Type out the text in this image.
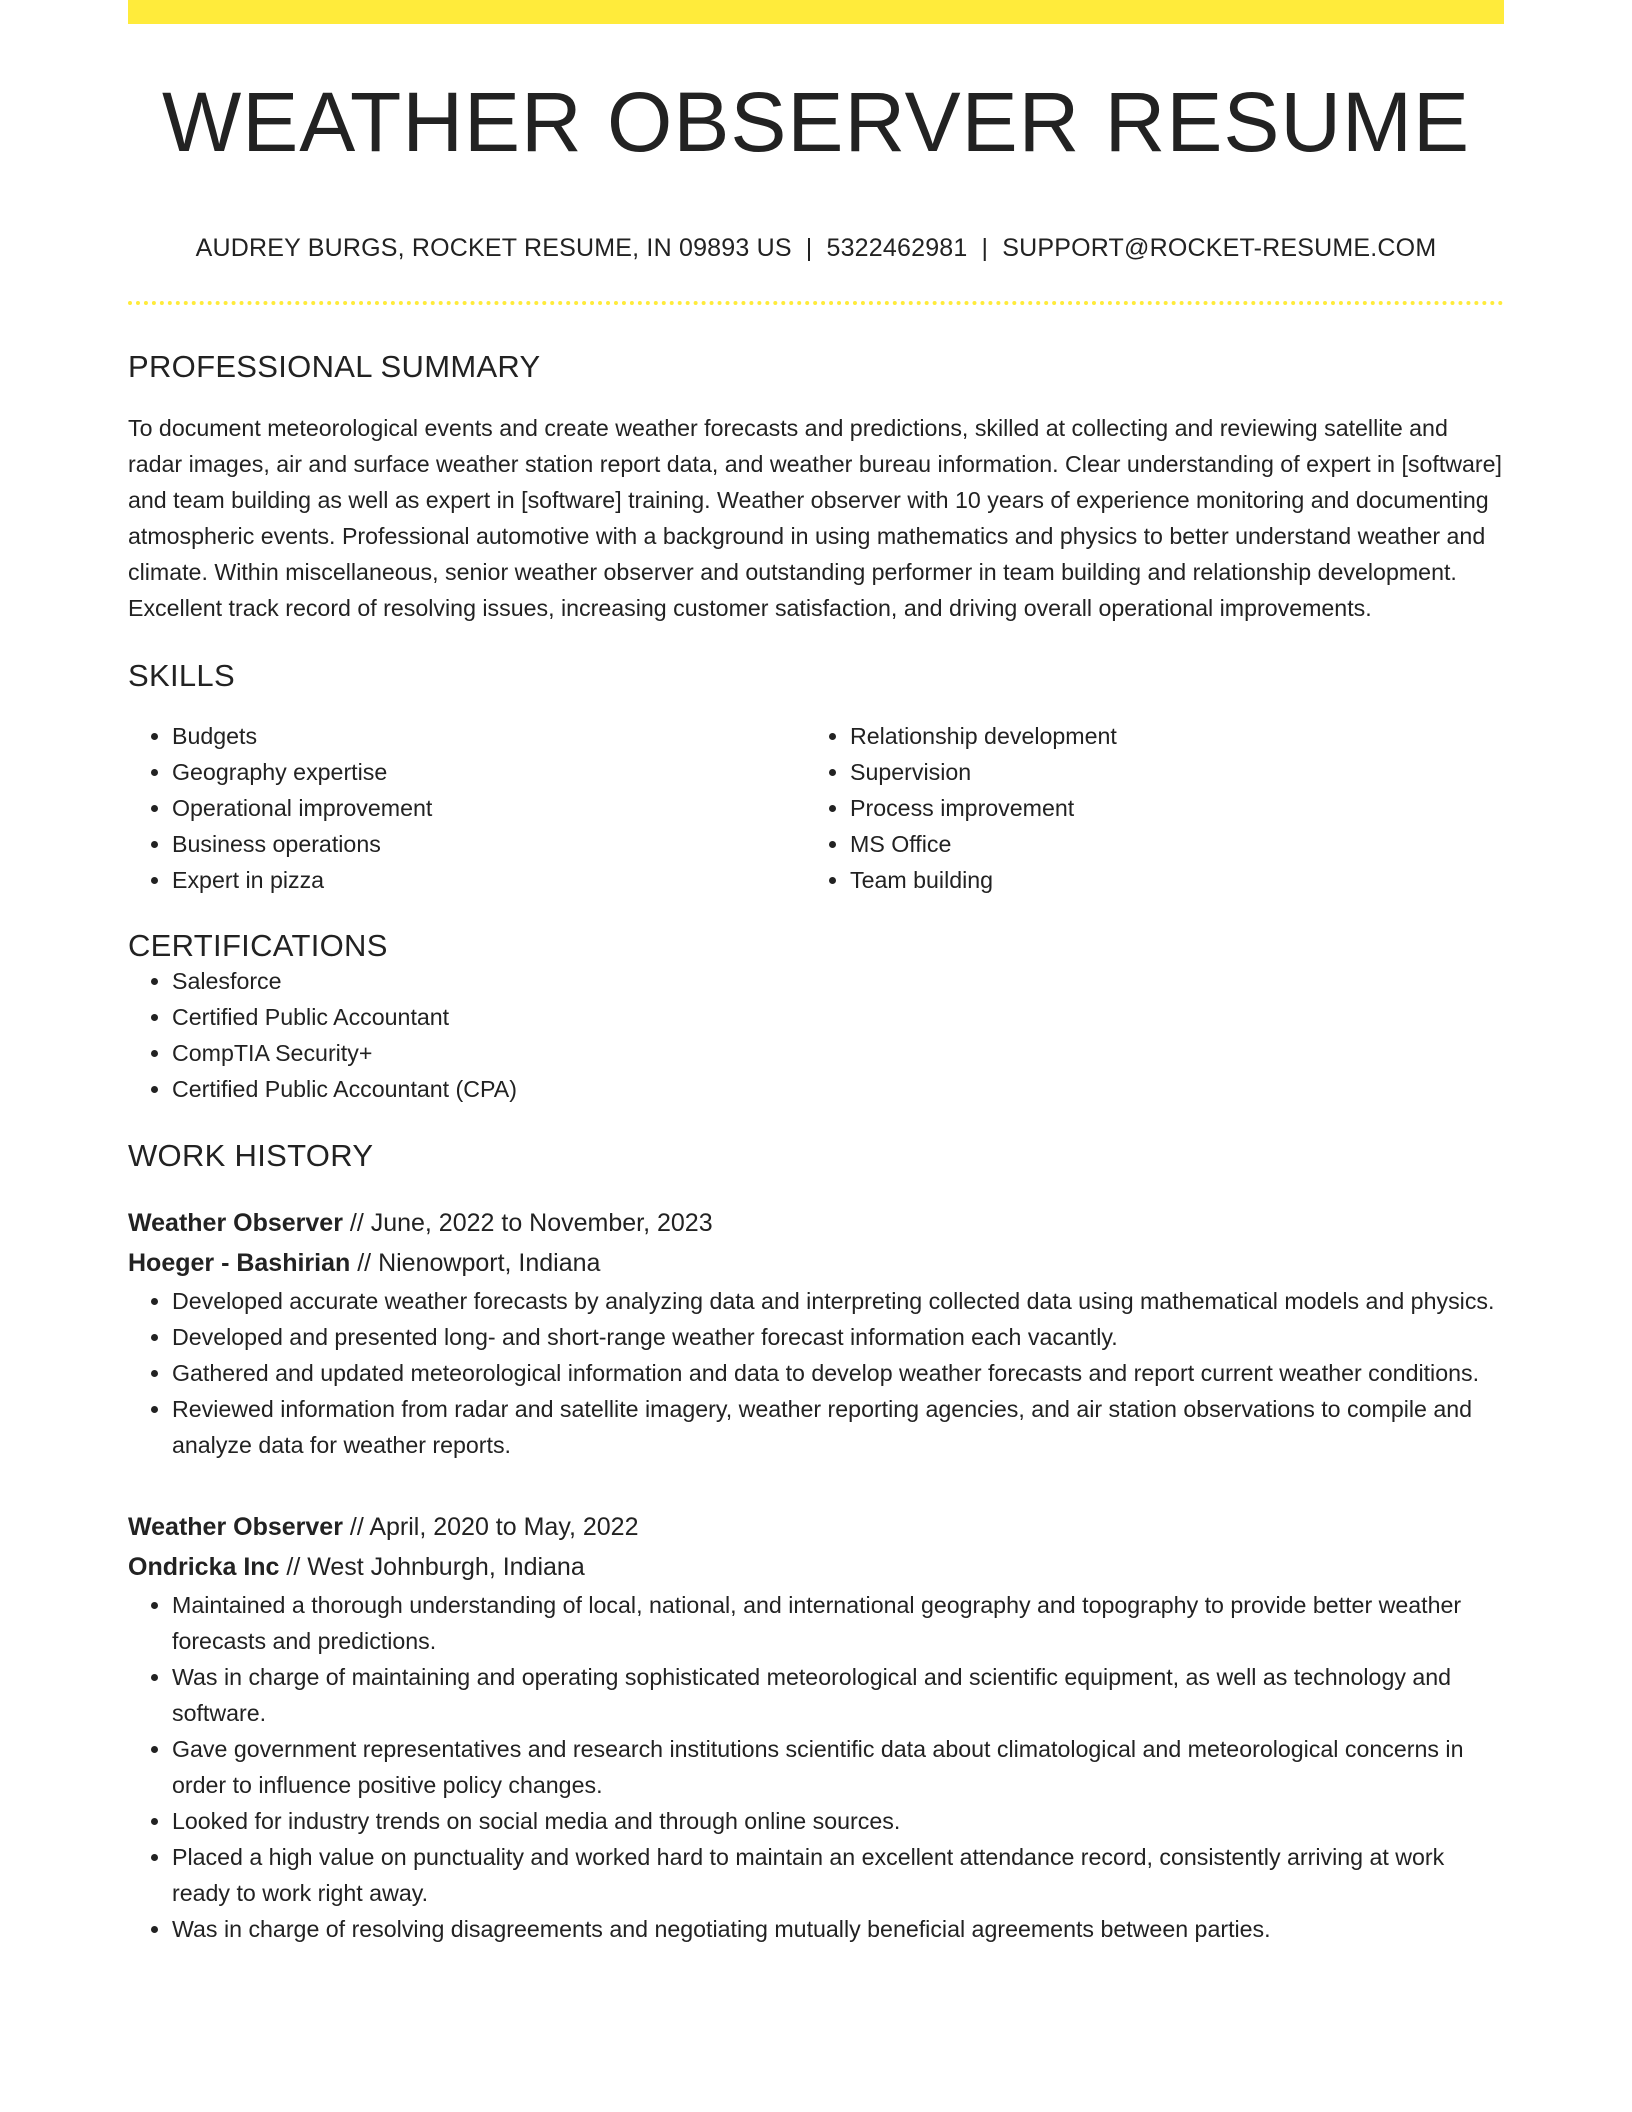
WEATHER OBSERVER RESUME
AUDREY BURGS, ROCKET RESUME, IN 09893 US | 5322462981 | SUPPORT@ROCKET-RESUME.COM
PROFESSIONAL SUMMARY

To document meteorological events and create weather forecasts and predictions, skilled at collecting and reviewing satellite and radar images, air and surface weather station report data, and weather bureau information. Clear understanding of expert in [software] and team building as well as expert in [software] training. Weather observer with 10 years of experience monitoring and documenting atmospheric events. Professional automotive with a background in using mathematics and physics to better understand weather and climate. Within miscellaneous, senior weather observer and outstanding performer in team building and relationship development. Excellent track record of resolving issues, increasing customer satisfaction, and driving overall operational improvements.

SKILLS
• Budgets
• Geography expertise
• Operational improvement
• Business operations
• Expert in pizza
• Relationship development
• Supervision
• Process improvement
• MS Office
• Team building
CERTIFICATIONS
• Salesforce
• Certified Public Accountant
• CompTIA Security+
• Certified Public Accountant (CPA)
WORK HISTORY
Weather Observer // June, 2022 to November, 2023
Hoeger - Bashirian // Nienowport, Indiana
• Developed accurate weather forecasts by analyzing data and interpreting collected data using mathematical models and physics.
• Developed and presented long- and short-range weather forecast information each vacantly.
• Gathered and updated meteorological information and data to develop weather forecasts and report current weather conditions.
• Reviewed information from radar and satellite imagery, weather reporting agencies, and air station observations to compile and analyze data for weather reports.
Weather Observer // April, 2020 to May, 2022
Ondricka Inc // West Johnburgh, Indiana
• Maintained a thorough understanding of local, national, and international geography and topography to provide better weather forecasts and predictions.
• Was in charge of maintaining and operating sophisticated meteorological and scientific equipment, as well as technology and software.
• Gave government representatives and research institutions scientific data about climatological and meteorological concerns in order to influence positive policy changes.
• Looked for industry trends on social media and through online sources.
• Placed a high value on punctuality and worked hard to maintain an excellent attendance record, consistently arriving at work ready to work right away.
• Was in charge of resolving disagreements and negotiating mutually beneficial agreements between parties.
